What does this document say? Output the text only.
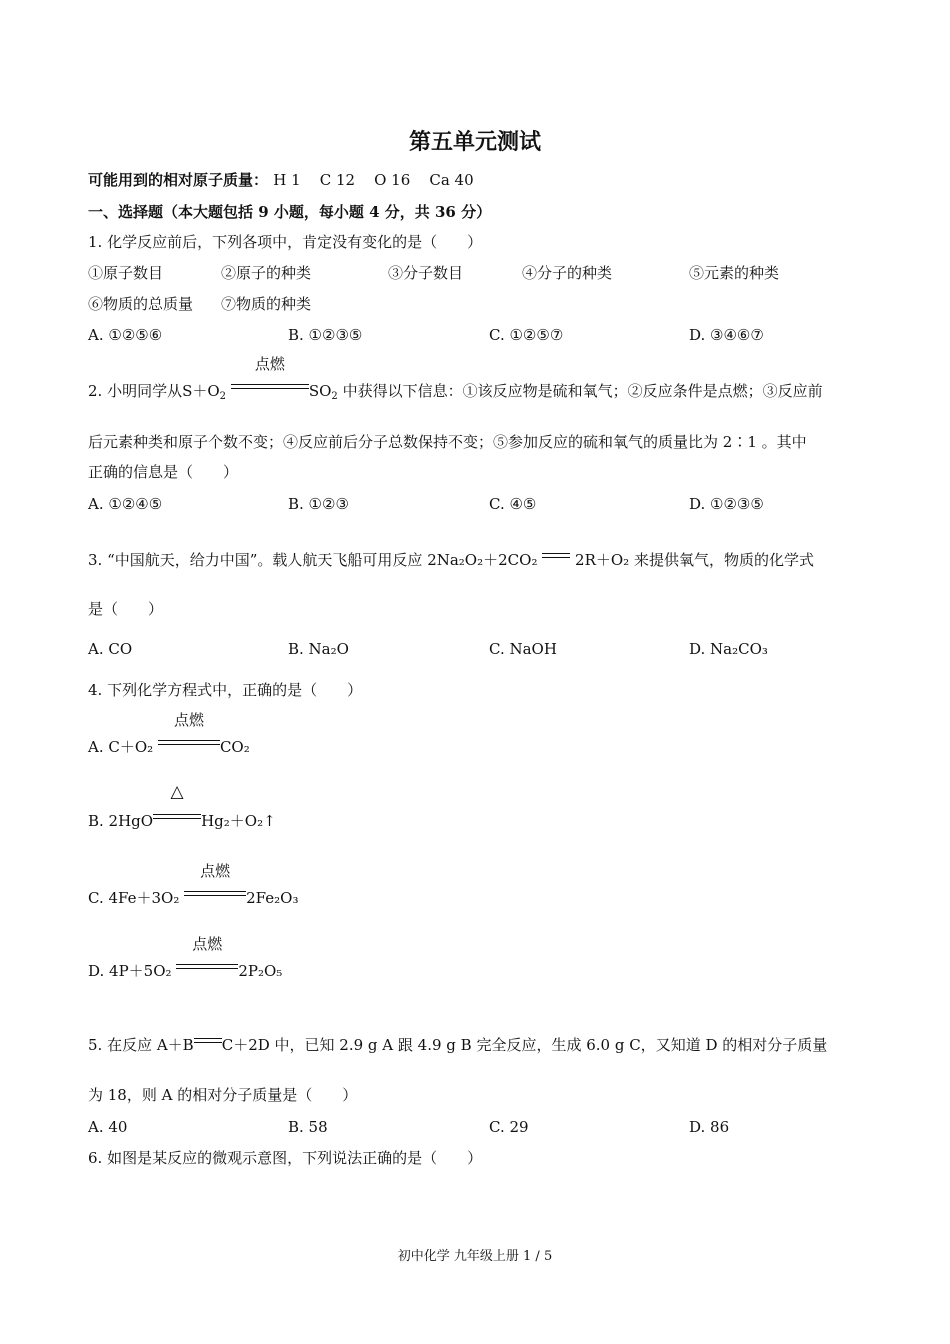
第五单元测试
可能用到的相对原子质量： H 1    C 12    O 16    Ca 40
一、选择题（本大题包括 9 小题，每小题 4 分，共 36 分）
1. 化学反应前后，下列各项中，肯定没有变化的是（　　）
①原子数目	②原子的种类	③分子数目	④分子的种类	⑤元素的种类
⑥物质的总质量 ⑦物质的种类
A. ①②⑤⑥	B. ①②③⑤	C. ①②⑤⑦	D. ③④⑥⑦
2. 小明同学从$S+O_2$
点燃
$SO_2$ 中获得以下信息：①该反应物是硫和氧气；②反应条件是点燃；③反应前
后元素种类和原子个数不变；④反应前后分子总数保持不变；⑤参加反应的硫和氧气的质量比为 2∶1 。其中
正确的信息是（　　）
A. ①②④⑤	B. ①②③	C. ④⑤	D. ①②③⑤
3. “中国航天，给力中国”。载人航天飞船可用反应 2Na₂O₂＋2CO₂	2R＋O₂ 来提供氧气，物质的化学式
是（　　）
A. CO	B. Na₂O	C. NaOH	D. Na₂CO₃
4. 下列化学方程式中，正确的是（　　）
A. C＋O₂
点燃
CO₂
B. 2HgO
△
Hg₂＋O₂↑
C. 4Fe＋3O₂
点燃
2Fe₂O₃
D. 4P＋5O₂
点燃
2P₂O₅
5. 在反应 A＋B C＋2D 中，已知 2.9 g A 跟 4.9 g B 完全反应，生成 6.0 g C，又知道 D 的相对分子质量
为 18，则 A 的相对分子质量是（　　）
A. 40	B. 58	C. 29	D. 86
6. 如图是某反应的微观示意图，下列说法正确的是（　　）
初中化学 九年级上册 1 / 5
